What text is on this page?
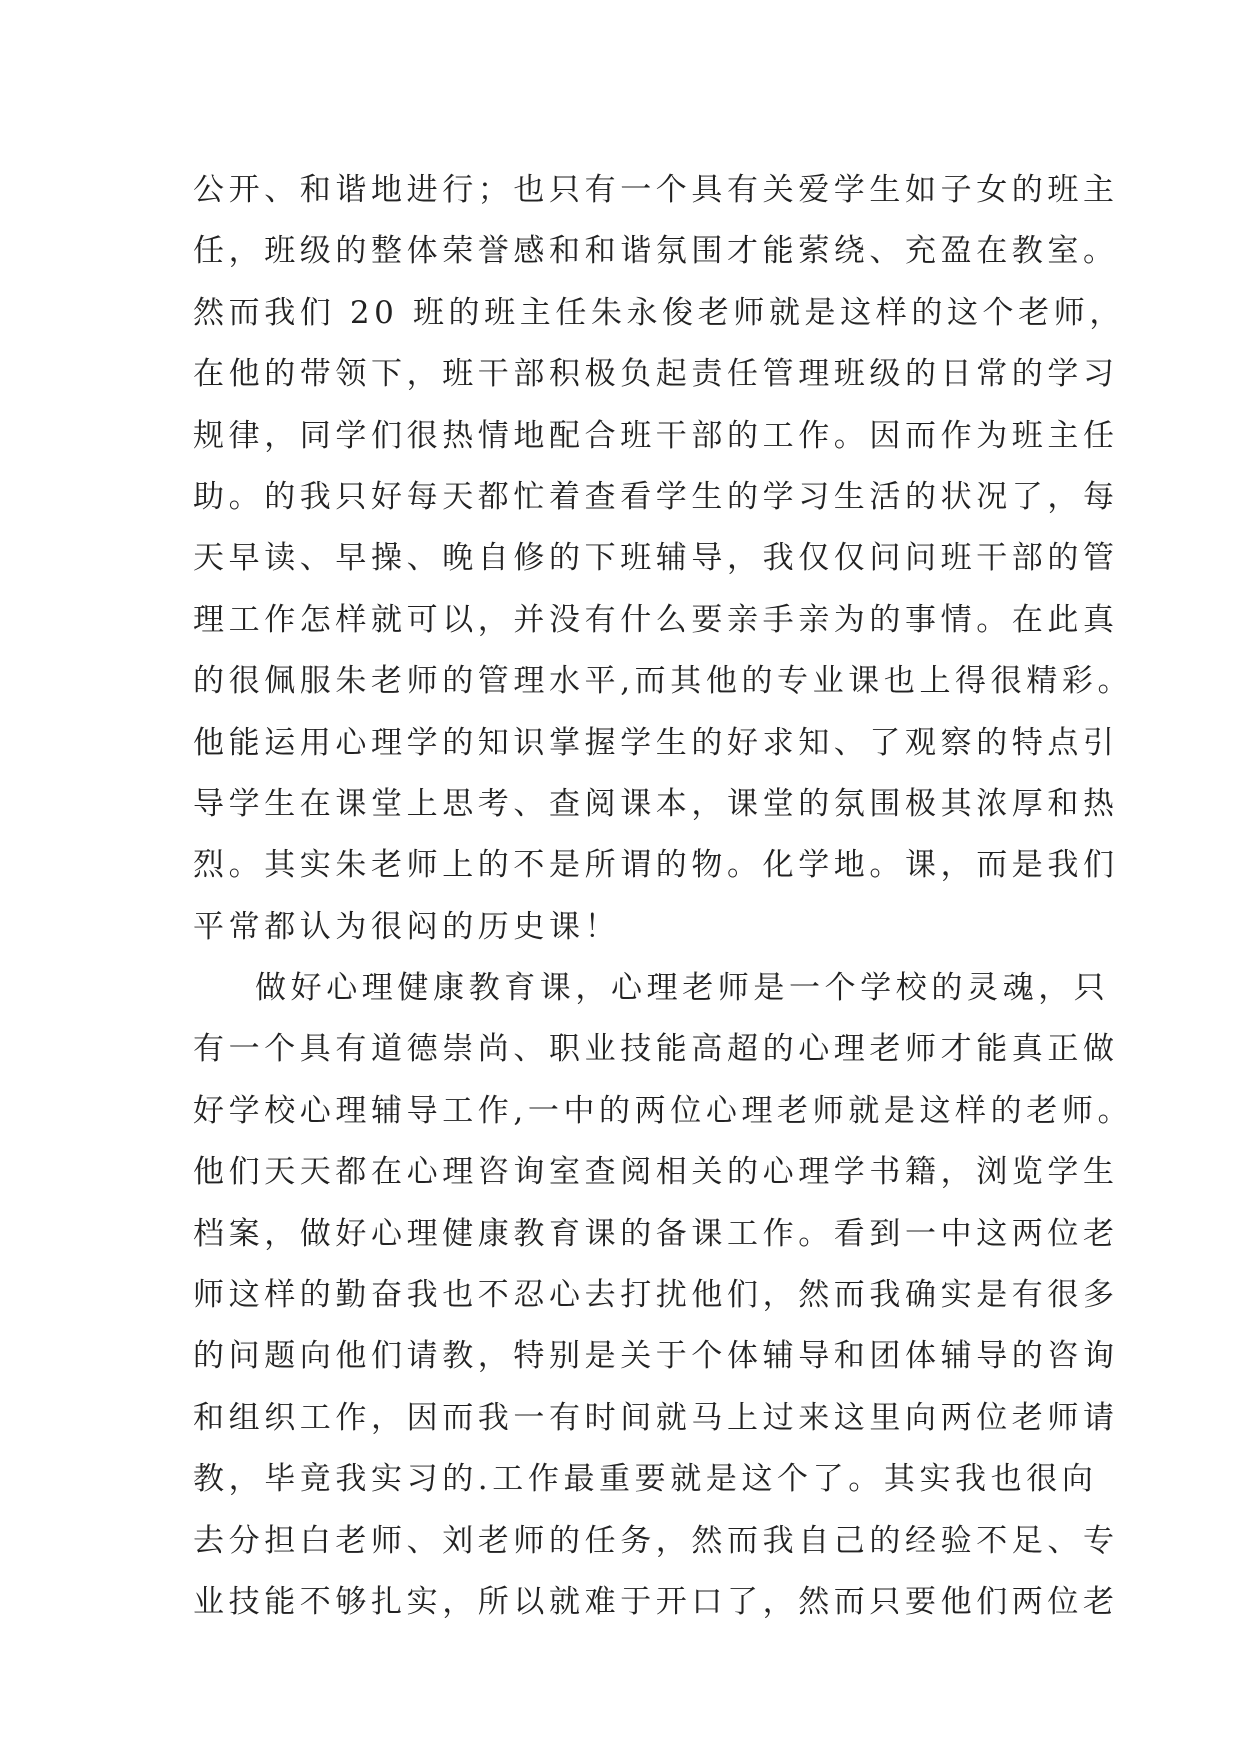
公开、和谐地进行；也只有一个具有关爱学生如子女的班主
任，班级的整体荣誉感和和谐氛围才能萦绕、充盈在教室。
然而我们 20 班的班主任朱永俊老师就是这样的这个老师，
在他的带领下，班干部积极负起责任管理班级的日常的学习
规律，同学们很热情地配合班干部的工作。因而作为班主任
助。的我只好每天都忙着查看学生的学习生活的状况了，每
天早读、早操、晚自修的下班辅导，我仅仅问问班干部的管
理工作怎样就可以，并没有什么要亲手亲为的事情。在此真
的很佩服朱老师的管理水平,而其他的专业课也上得很精彩。
他能运用心理学的知识掌握学生的好求知、了观察的特点引
导学生在课堂上思考、查阅课本，课堂的氛围极其浓厚和热
烈。其实朱老师上的不是所谓的物。化学地。课，而是我们
平常都认为很闷的历史课！
做好心理健康教育课，心理老师是一个学校的灵魂，只
有一个具有道德崇尚、职业技能高超的心理老师才能真正做
好学校心理辅导工作,一中的两位心理老师就是这样的老师。
他们天天都在心理咨询室查阅相关的心理学书籍，浏览学生
档案，做好心理健康教育课的备课工作。看到一中这两位老
师这样的勤奋我也不忍心去打扰他们，然而我确实是有很多
的问题向他们请教，特别是关于个体辅导和团体辅导的咨询
和组织工作，因而我一有时间就马上过来这里向两位老师请
教，毕竟我实习的.工作最重要就是这个了。其实我也很向
去分担白老师、刘老师的任务，然而我自己的经验不足、专
业技能不够扎实，所以就难于开口了，然而只要他们两位老
